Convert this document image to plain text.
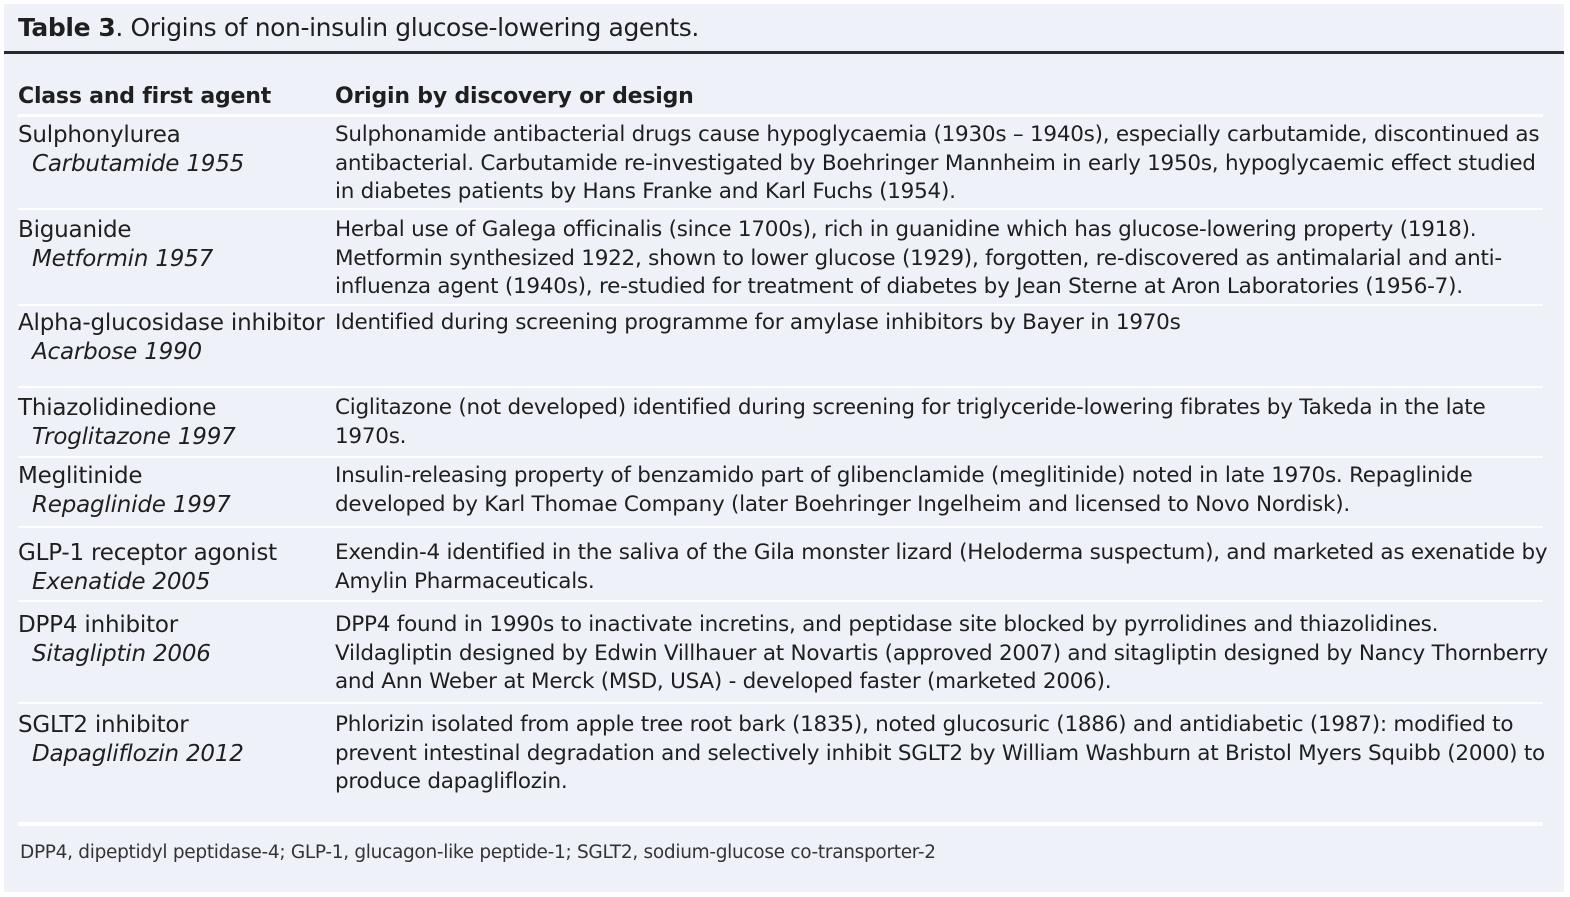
Table 3. Origins of non-insulin glucose-lowering agents.
Class and first agent	Origin by discovery or design
Sulphonylurea
Carbutamide 1955
Sulphonamide antibacterial drugs cause hypoglycaemia (1930s – 1940s), especially carbutamide, discontinued as antibacterial. Carbutamide re-investigated by Boehringer Mannheim in early 1950s, hypoglycaemic effect studied in diabetes patients by Hans Franke and Karl Fuchs (1954).
Biguanide
Metformin 1957
Herbal use of Galega officinalis (since 1700s), rich in guanidine which has glucose-lowering property (1918). Metformin synthesized 1922, shown to lower glucose (1929), forgotten, re-discovered as antimalarial and anti-influenza agent (1940s), re-studied for treatment of diabetes by Jean Sterne at Aron Laboratories (1956-7).
Alpha-glucosidase inhibitor
Acarbose 1990
Identified during screening programme for amylase inhibitors by Bayer in 1970s
Thiazolidinedione
Troglitazone 1997
Ciglitazone (not developed) identified during screening for triglyceride-lowering fibrates by Takeda in the late 1970s.
Meglitinide
Repaglinide 1997
Insulin-releasing property of benzamido part of glibenclamide (meglitinide) noted in late 1970s. Repaglinide developed by Karl Thomae Company (later Boehringer Ingelheim and licensed to Novo Nordisk).
GLP-1 receptor agonist
Exenatide 2005
Exendin-4 identified in the saliva of the Gila monster lizard (Heloderma suspectum), and marketed as exenatide by Amylin Pharmaceuticals.
DPP4 inhibitor
Sitagliptin 2006
DPP4 found in 1990s to inactivate incretins, and peptidase site blocked by pyrrolidines and thiazolidines. Vildagliptin designed by Edwin Villhauer at Novartis (approved 2007) and sitagliptin designed by Nancy Thornberry and Ann Weber at Merck (MSD, USA) - developed faster (marketed 2006).
SGLT2 inhibitor
Dapagliflozin 2012
Phlorizin isolated from apple tree root bark (1835), noted glucosuric (1886) and antidiabetic (1987): modified to prevent intestinal degradation and selectively inhibit SGLT2 by William Washburn at Bristol Myers Squibb (2000) to produce dapagliflozin.
DPP4, dipeptidyl peptidase-4; GLP-1, glucagon-like peptide-1; SGLT2, sodium-glucose co-transporter-2
